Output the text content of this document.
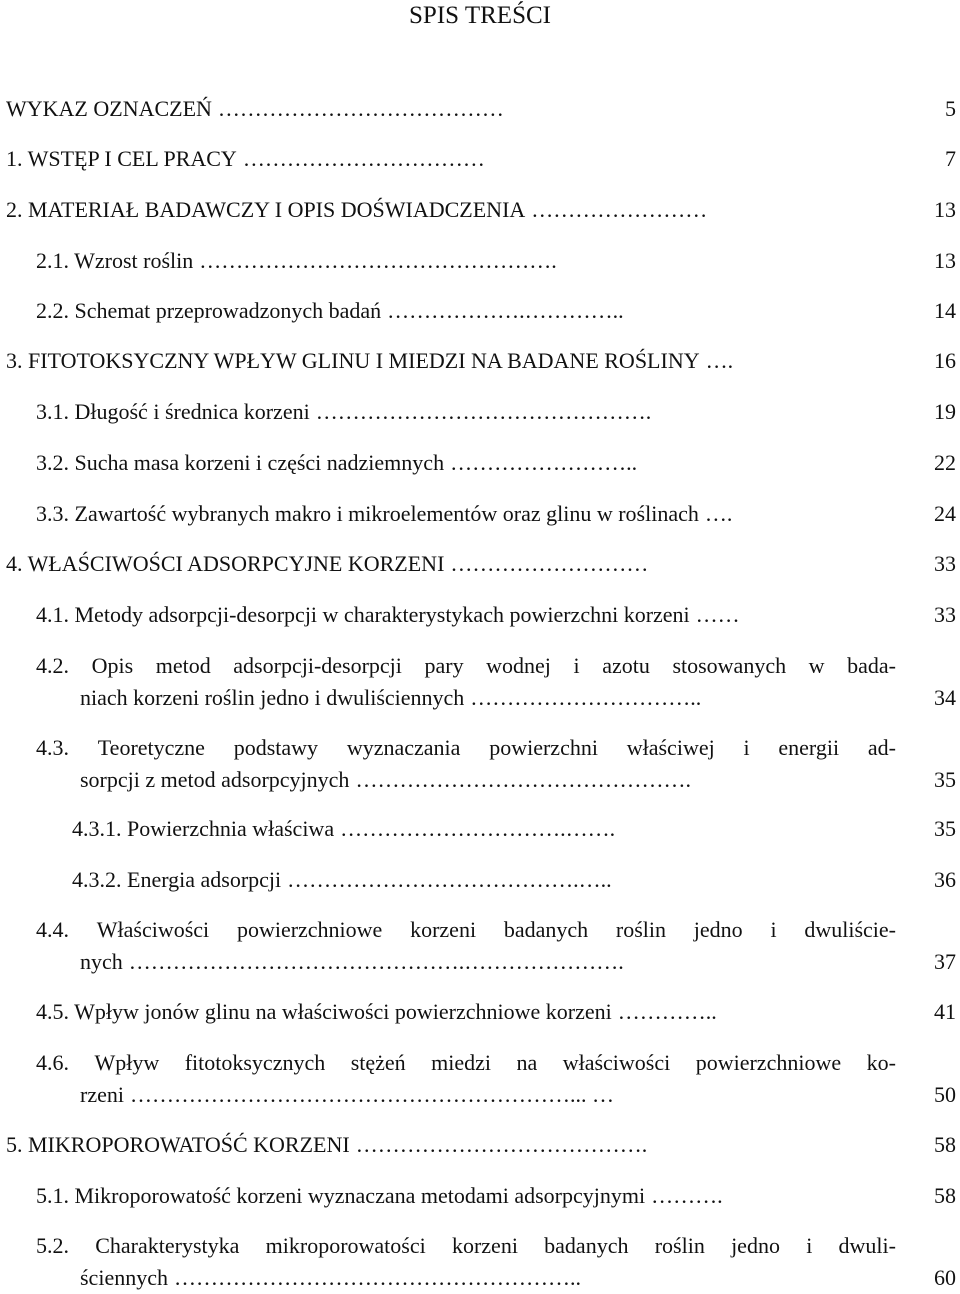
SPIS TREŚCI
WYKAZ OZNACZEŃ …………………………………	5
1. WSTĘP I CEL PRACY ……………………………	7
2. MATERIAŁ BADAWCZY I OPIS DOŚWIADCZENIA ……………………	13
2.1. Wzrost roślin ………………………………………….	13
2.2. Schemat przeprowadzonych badań ……………….…………..	14
3. FITOTOKSYCZNY WPŁYW GLINU I MIEDZI NA BADANE ROŚLINY ….	16
3.1. Długość i średnica korzeni ……………………………………….	19
3.2. Sucha masa korzeni i części nadziemnych ……………………..	22
3.3. Zawartość wybranych makro i mikroelementów oraz glinu w roślinach ….	24
4. WŁAŚCIWOŚCI ADSORPCYJNE KORZENI ………………………	33
4.1. Metody adsorpcji-desorpcji w charakterystykach powierzchni korzeni ……	33
4.2. Opis metod adsorpcji-desorpcji pary wodnej i azotu stosowanych w bada-
niach korzeni roślin jedno i dwuliściennych …………………………..	34
4.3. Teoretyczne podstawy wyznaczania powierzchni właściwej i energii ad-
sorpcji z metod adsorpcyjnych ……………………………………….	35
4.3.1. Powierzchnia właściwa ………………………….…….	35
4.3.2. Energia adsorpcji ………………………………….…..	36
4.4. Właściwości powierzchniowe korzeni badanych roślin jedno i dwuliście-
nych ……………………………………….………………….	37
4.5. Wpływ jonów glinu na właściwości powierzchniowe korzeni …………..	41
4.6. Wpływ fitotoksycznych stężeń miedzi na właściwości powierzchniowe ko-
rzeni ……………………………………………………... …	50
5. MIKROPOROWATOŚĆ KORZENI ………………………………….	58
5.1. Mikroporowatość korzeni wyznaczana metodami adsorpcyjnymi ……….	58
5.2. Charakterystyka mikroporowatości korzeni badanych roślin jedno i dwuli-
ściennych ………………………………………………..	60
